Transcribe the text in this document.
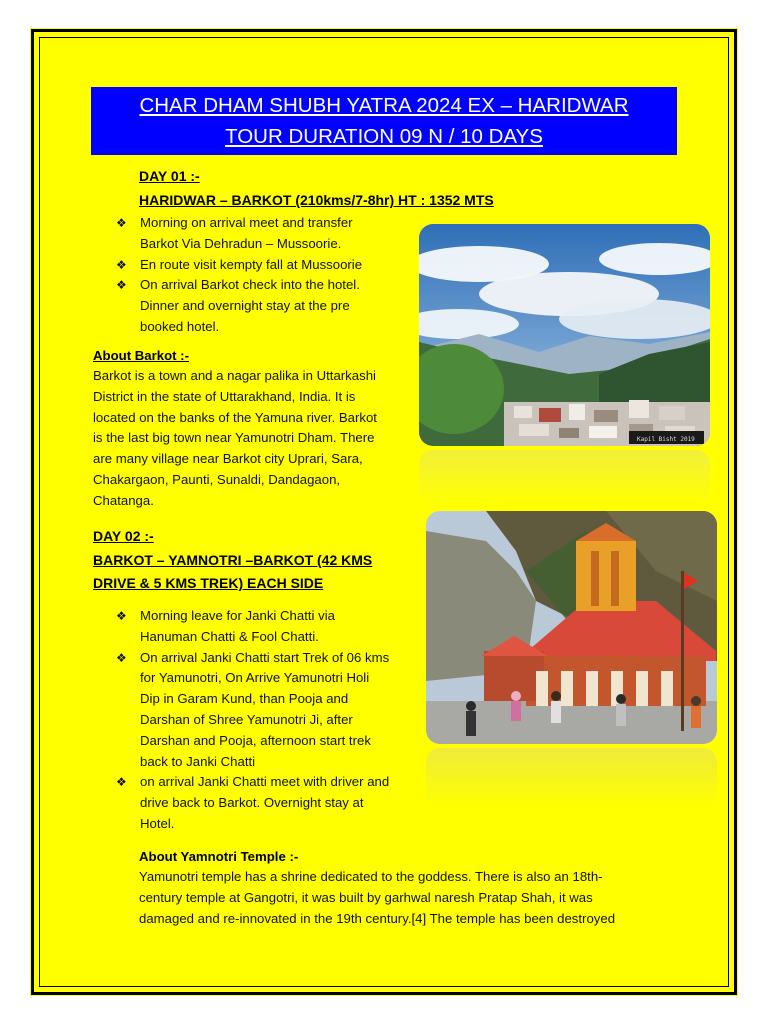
CHAR DHAM SHUBH YATRA 2024 EX – HARIDWAR
TOUR DURATION 09 N / 10 DAYS
DAY 01 :-
HARIDWAR – BARKOT (210kms/7-8hr) HT : 1352 MTS
❖ Morning on arrival meet and transfer
Barkot Via Dehradun – Mussoorie.
❖ En route visit kempty fall at Mussoorie
❖ On arrival Barkot check into the hotel.
Dinner and overnight stay at the pre
booked hotel.
About Barkot :-
Barkot is a town and a nagar palika in Uttarkashi
District in the state of Uttarakhand, India. It is
located on the banks of the Yamuna river. Barkot
is the last big town near Yamunotri Dham. There
are many village near Barkot city Uprari, Sara,
Chakargaon, Paunti, Sunaldi, Dandagaon,
Chatanga.
Kapil Bisht 2019
DAY 02 :-
BARKOT – YAMNOTRI –BARKOT (42 KMS
DRIVE & 5 KMS TREK) EACH SIDE
❖ Morning leave for Janki Chatti via
Hanuman Chatti & Fool Chatti.
❖ On arrival Janki Chatti start Trek of 06 kms
for Yamunotri, On Arrive Yamunotri Holi
Dip in Garam Kund, than Pooja and
Darshan of Shree Yamunotri Ji, after
Darshan and Pooja, afternoon start trek
back to Janki Chatti
❖ on arrival Janki Chatti meet with driver and
drive back to Barkot. Overnight stay at
Hotel.
About Yamnotri Temple :-
Yamunotri temple has a shrine dedicated to the goddess. There is also an 18th-
century temple at Gangotri, it was built by garhwal naresh Pratap Shah, it was
damaged and re-innovated in the 19th century.[4] The temple has been destroyed
